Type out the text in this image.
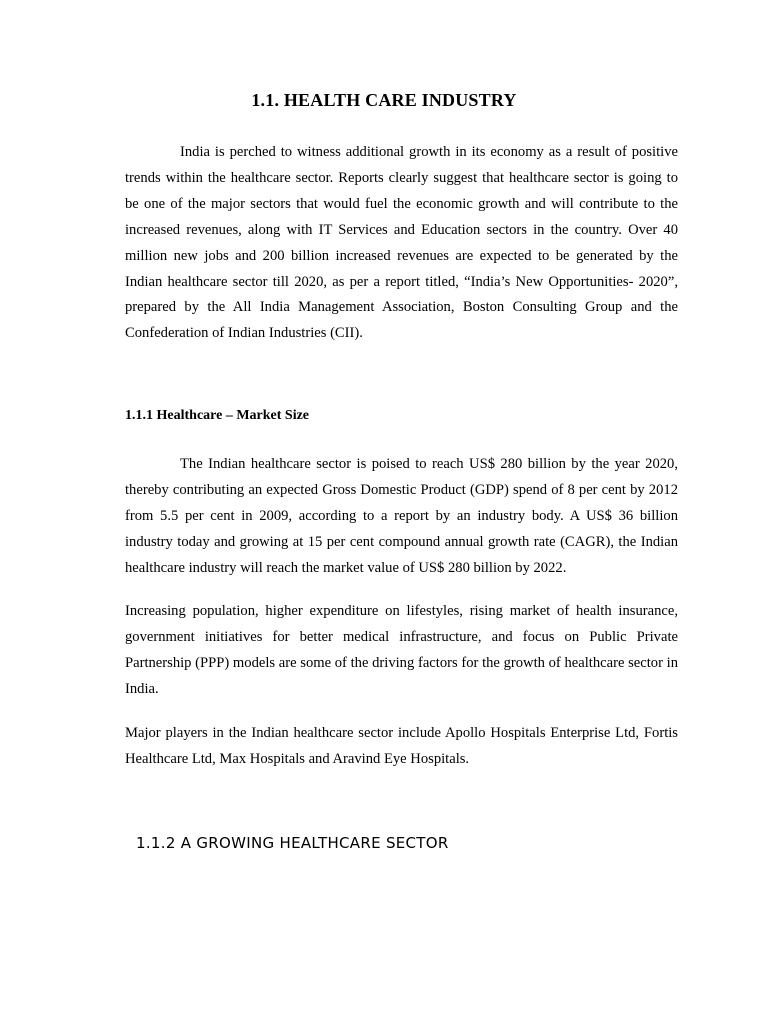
1.1. HEALTH CARE INDUSTRY

India is perched to witness additional growth in its economy as a result of positive trends within the healthcare sector. Reports clearly suggest that healthcare sector is going to be one of the major sectors that would fuel the economic growth and will contribute to the increased revenues, along with IT Services and Education sectors in the country. Over 40 million new jobs and 200 billion increased revenues are expected to be generated by the Indian healthcare sector till 2020, as per a report titled, “India’s New Opportunities- 2020”, prepared by the All India Management Association, Boston Consulting Group and the Confederation of Indian Industries (CII).

1.1.1 Healthcare – Market Size

The Indian healthcare sector is poised to reach US$ 280 billion by the year 2020, thereby contributing an expected Gross Domestic Product (GDP) spend of 8 per cent by 2012 from 5.5 per cent in 2009, according to a report by an industry body. A US$ 36 billion industry today and growing at 15 per cent compound annual growth rate (CAGR), the Indian healthcare industry will reach the market value of US$ 280 billion by 2022.

Increasing population, higher expenditure on lifestyles, rising market of health insurance, government initiatives for better medical infrastructure, and focus on Public Private Partnership (PPP) models are some of the driving factors for the growth of healthcare sector in India.

Major players in the Indian healthcare sector include Apollo Hospitals Enterprise Ltd, Fortis Healthcare Ltd, Max Hospitals and Aravind Eye Hospitals.

1.1.2 A GROWING HEALTHCARE SECTOR
